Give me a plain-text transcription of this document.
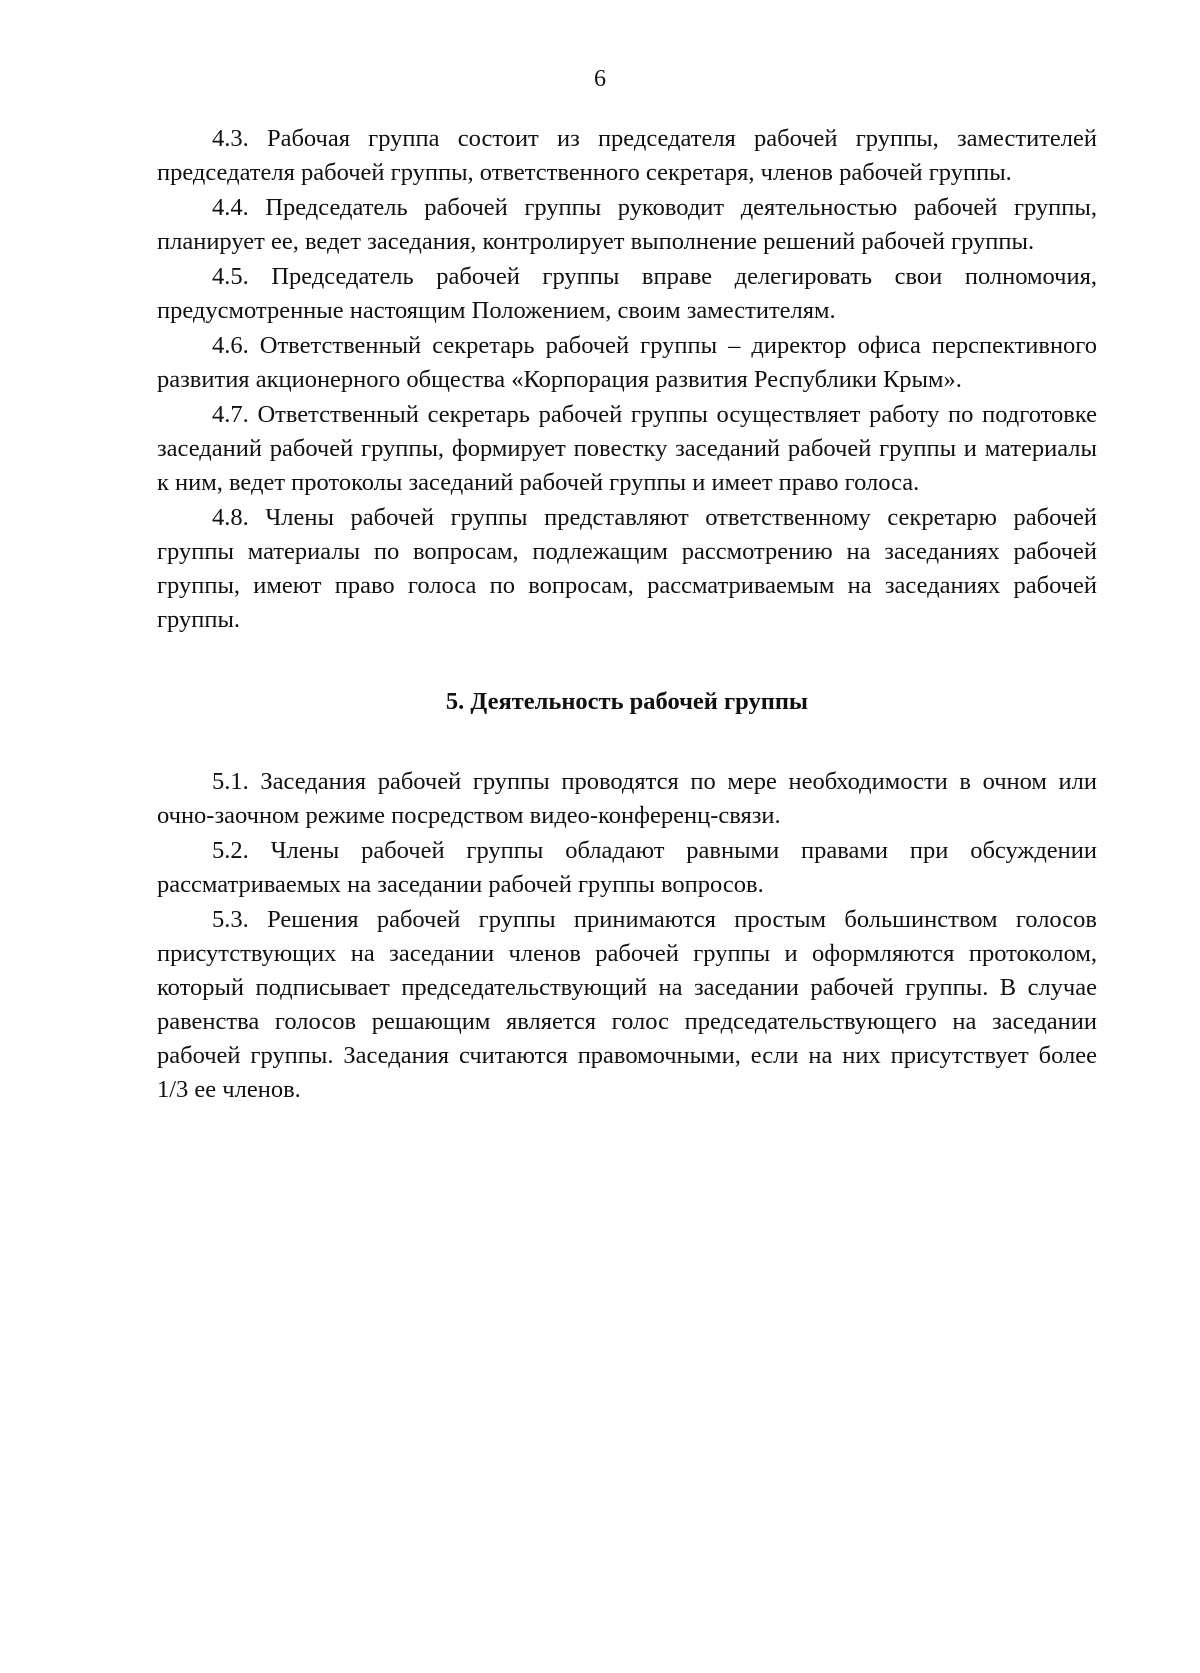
6

4.3. Рабочая группа состоит из председателя рабочей группы, заместителей председателя рабочей группы, ответственного секретаря, членов рабочей группы.

4.4. Председатель рабочей группы руководит деятельностью рабочей группы, планирует ее, ведет заседания, контролирует выполнение решений рабочей группы.

4.5. Председатель рабочей группы вправе делегировать свои полномочия, предусмотренные настоящим Положением, своим заместителям.

4.6. Ответственный секретарь рабочей группы – директор офиса перспективного развития акционерного общества «Корпорация развития Республики Крым».

4.7. Ответственный секретарь рабочей группы осуществляет работу по подготовке заседаний рабочей группы, формирует повестку заседаний рабочей группы и материалы к ним, ведет протоколы заседаний рабочей группы и имеет право голоса.

4.8. Члены рабочей группы представляют ответственному секретарю рабочей группы материалы по вопросам, подлежащим рассмотрению на заседаниях рабочей группы, имеют право голоса по вопросам, рассматриваемым на заседаниях рабочей группы.

5. Деятельность рабочей группы

5.1. Заседания рабочей группы проводятся по мере необходимости в очном или очно-заочном режиме посредством видео-конференц-связи.

5.2. Члены рабочей группы обладают равными правами при обсуждении рассматриваемых на заседании рабочей группы вопросов.

5.3. Решения рабочей группы принимаются простым большинством голосов присутствующих на заседании членов рабочей группы и оформляются протоколом, который подписывает председательствующий на заседании рабочей группы. В случае равенства голосов решающим является голос председательствующего на заседании рабочей группы. Заседания считаются правомочными, если на них присутствует более 1/3 ее членов.
